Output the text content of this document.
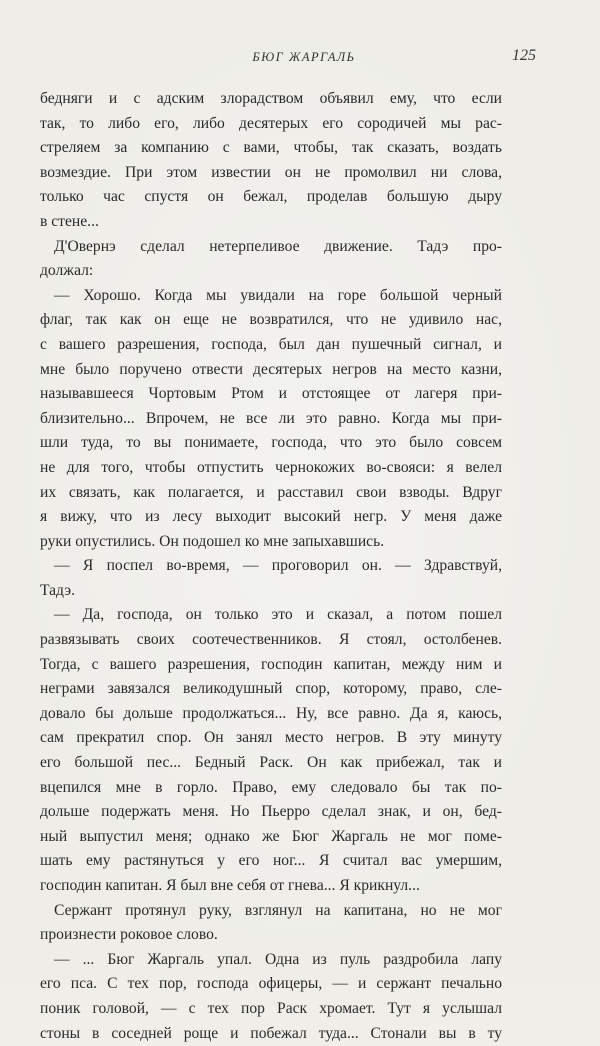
БЮГ ЖАРГАЛЬ	125
бедняги и с адским злорадством объявил ему, что если
так, то либо его, либо десятерых его сородичей мы рас-
стреляем за компанию с вами, чтобы, так сказать, воздать
возмездие. При этом известии он не промолвил ни слова,
только час спустя он бежал, проделав большую дыру
в стене...
Д'Овернэ сделал нетерпеливое движение. Тадэ про-
должал:
— Хорошо. Когда мы увидали на горе большой черный
флаг, так как он еще не возвратился, что не удивило нас,
с вашего разрешения, господа, был дан пушечный сигнал, и
мне было поручено отвести десятерых негров на место казни,
называвшееся Чортовым Ртом и отстоящее от лагеря при-
близительно... Впрочем, не все ли это равно. Когда мы при-
шли туда, то вы понимаете, господа, что это было совсем
не для того, чтобы отпустить чернокожих во-свояси: я велел
их связать, как полагается, и расставил свои взводы. Вдруг
я вижу, что из лесу выходит высокий негр. У меня даже
руки опустились. Он подошел ко мне запыхавшись.
— Я поспел во-время, — проговорил он. — Здравствуй,
Тадэ.
— Да, господа, он только это и сказал, а потом пошел
развязывать своих соотечественников. Я стоял, остолбенев.
Тогда, с вашего разрешения, господин капитан, между ним и
неграми завязался великодушный спор, которому, право, сле-
довало бы дольше продолжаться... Ну, все равно. Да я, каюсь,
сам прекратил спор. Он занял место негров. В эту минуту
его большой пес... Бедный Раск. Он как прибежал, так и
вцепился мне в горло. Право, ему следовало бы так по-
дольше подержать меня. Но Пьерро сделал знак, и он, бед-
ный выпустил меня; однако же Бюг Жаргаль не мог поме-
шать ему растянуться у его ног... Я считал вас умершим,
господин капитан. Я был вне себя от гнева... Я крикнул...
Сержант протянул руку, взглянул на капитана, но не мог
произнести роковое слово.
— ... Бюг Жаргаль упал. Одна из пуль раздробила лапу
его пса. С тех пор, господа офицеры, — и сержант печально
поник головой, — с тех пор Раск хромает. Тут я услышал
стоны в соседней роще и побежал туда... Стонали вы в ту
